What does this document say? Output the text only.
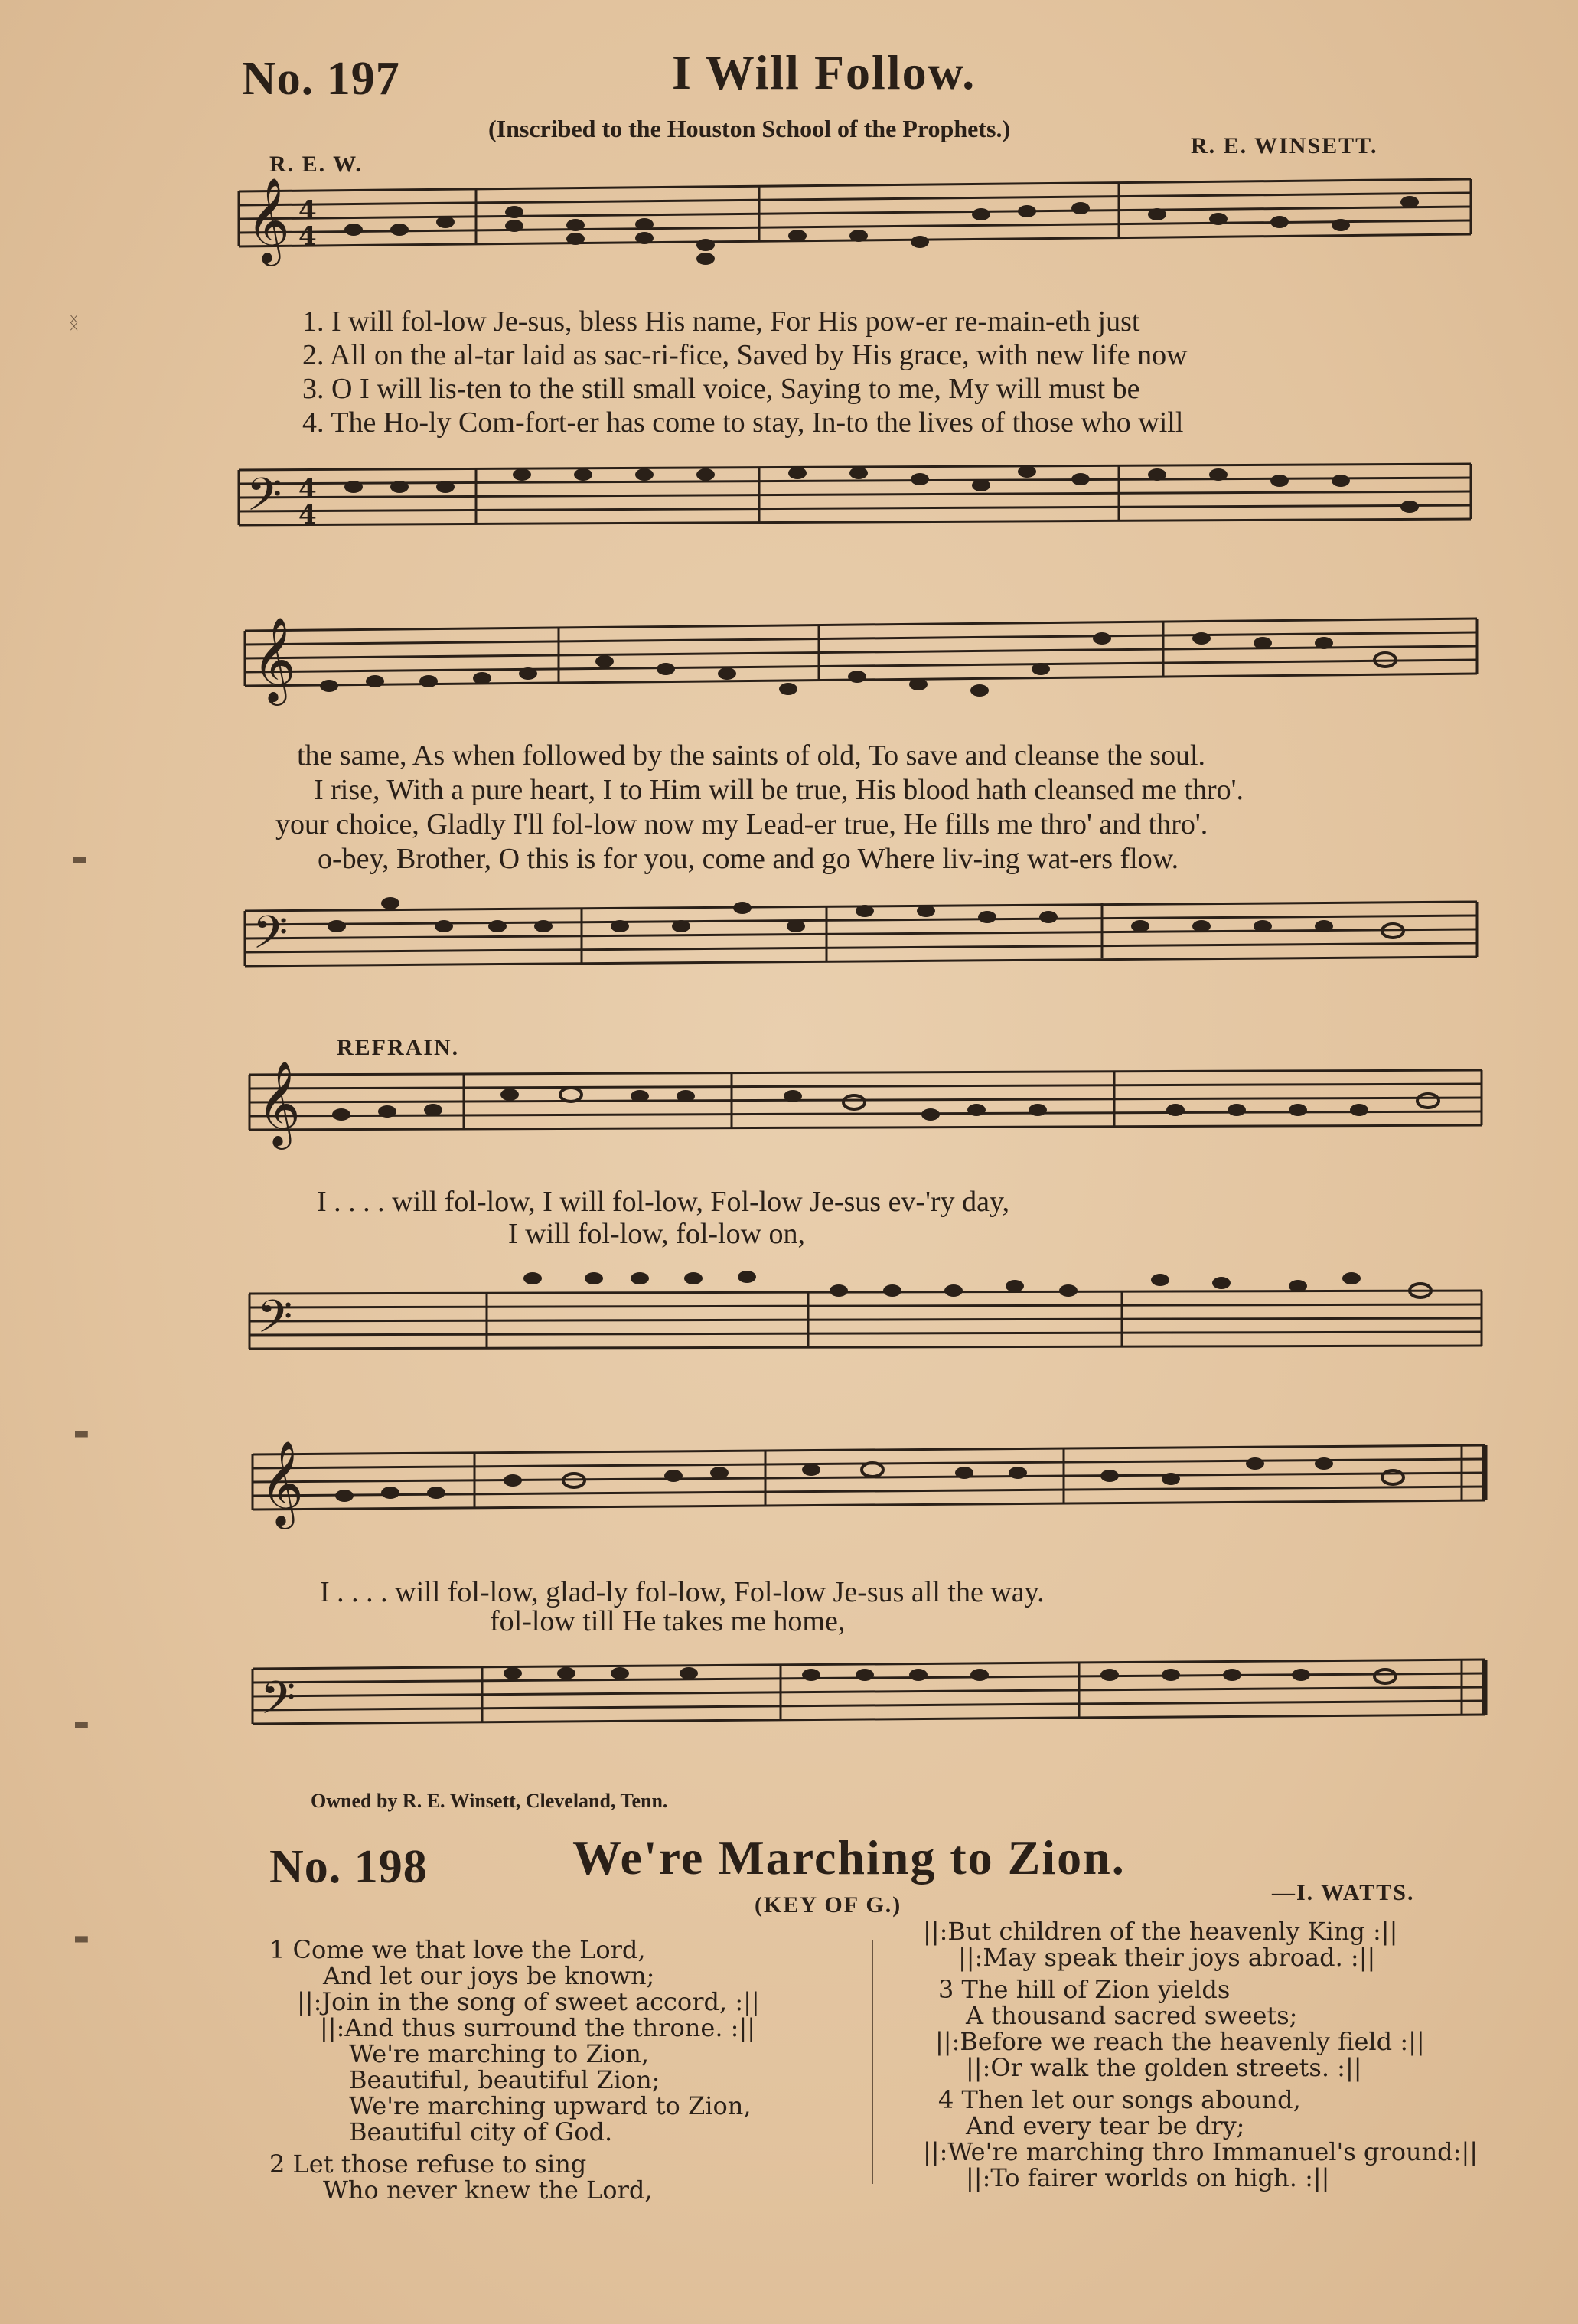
No. 197	I Will Follow.
(Inscribed to the Houston School of the Prophets.)
R. E. W.
R. E. WINSETT.
𝄞 4
4
1. I will fol-low Je-sus, bless His name, For His pow-er re-main-eth just
2. All on the al-tar laid as sac-ri-fice, Saved by His grace, with new life now
3. O I will lis-ten to the still small voice, Saying to me, My will must be
4. The Ho-ly Com-fort-er has come to stay, In-to the lives of those who will
𝄢 4
4
𝄞
the same, As when followed by the saints of old, To save and cleanse the soul.
I rise, With a pure heart, I to Him will be true, His blood hath cleansed me thro'.
your choice, Gladly I'll fol-low now my Lead-er true, He fills me thro' and thro'.
o-bey, Brother, O this is for you, come and go Where liv-ing wat-ers flow.
𝄢
REFRAIN.
𝄞
I . . . . will fol-low, I will fol-low, Fol-low Je-sus ev-'ry day,
I will fol-low, fol-low on,
𝄢
𝄞
I . . . . will fol-low, glad-ly fol-low, Fol-low Je-sus all the way.
fol-low till He takes me home,
𝄢
Owned by R. E. Winsett, Cleveland, Tenn.
No. 198	We're Marching to Zion.
(KEY OF G.)	—I. WATTS.
1 Come we that love the Lord,
And let our joys be known;
||:Join in the song of sweet accord, :||
||:And thus surround the throne. :||
We're marching to Zion,
Beautiful, beautiful Zion;
We're marching upward to Zion,
Beautiful city of God.
2 Let those refuse to sing
Who never knew the Lord,
||:But children of the heavenly King :||
||:May speak their joys abroad. :||
3 The hill of Zion yields
A thousand sacred sweets;
||:Before we reach the heavenly field :||
||:Or walk the golden streets. :||
4 Then let our songs abound,
And every tear be dry;
||:We're marching thro Immanuel's ground:||
||:To fairer worlds on high. :||
ᛝ
▬
▬
▬
▬
